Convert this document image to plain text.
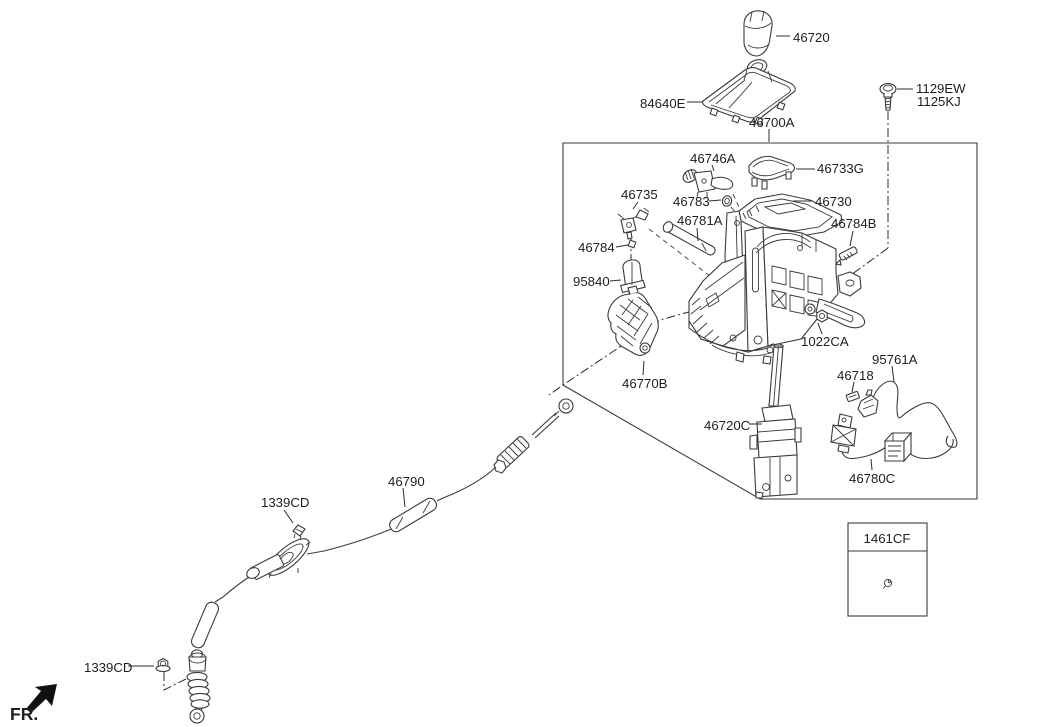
46720
84640E
46700A
1129EW
1125KJ
46746A
46733G
46735 46783	46730
46781A	46784B
46784
95840
1022CA
46770B
95761A
46718
46720C
46780C
46790
1339CD
1339CD
1461CF
FR.
